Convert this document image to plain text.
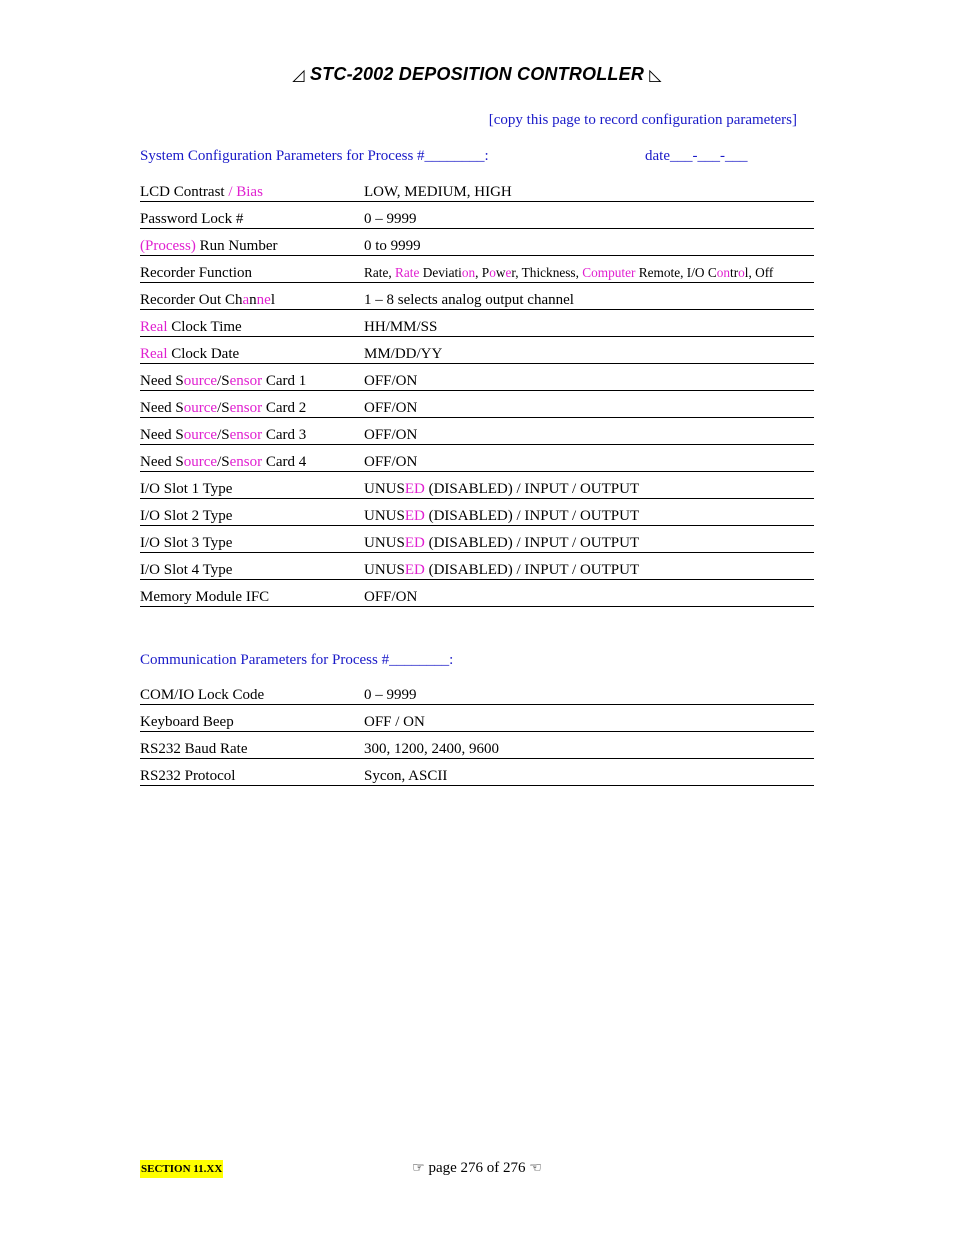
◿ STC-2002 DEPOSITION CONTROLLER ◺
[copy this page to record configuration parameters]
System Configuration Parameters for Process #________:	date___-___-___
LCD Contrast / Bias	LOW, MEDIUM, HIGH
Password Lock #	0 – 9999
(Process) Run Number	0 to 9999
Recorder Function	Rate, Rate Deviation, Power, Thickness, Computer Remote, I/O Control, Off
Recorder Out Channel	1 – 8 selects analog output channel
Real Clock Time	HH/MM/SS
Real Clock Date	MM/DD/YY
Need Source/Sensor Card 1	OFF/ON
Need Source/Sensor Card 2	OFF/ON
Need Source/Sensor Card 3	OFF/ON
Need Source/Sensor Card 4	OFF/ON
I/O Slot 1 Type	UNUSED (DISABLED) / INPUT / OUTPUT
I/O Slot 2 Type	UNUSED (DISABLED) / INPUT / OUTPUT
I/O Slot 3 Type	UNUSED (DISABLED) / INPUT / OUTPUT
I/O Slot 4 Type	UNUSED (DISABLED) / INPUT / OUTPUT
Memory Module IFC	OFF/ON
Communication Parameters for Process #________:
COM/IO Lock Code	0 – 9999
Keyboard Beep	OFF / ON
RS232 Baud Rate	300, 1200, 2400, 9600
RS232 Protocol	Sycon, ASCII
SECTION 11.XX	☞ page 276 of 276 ☜
